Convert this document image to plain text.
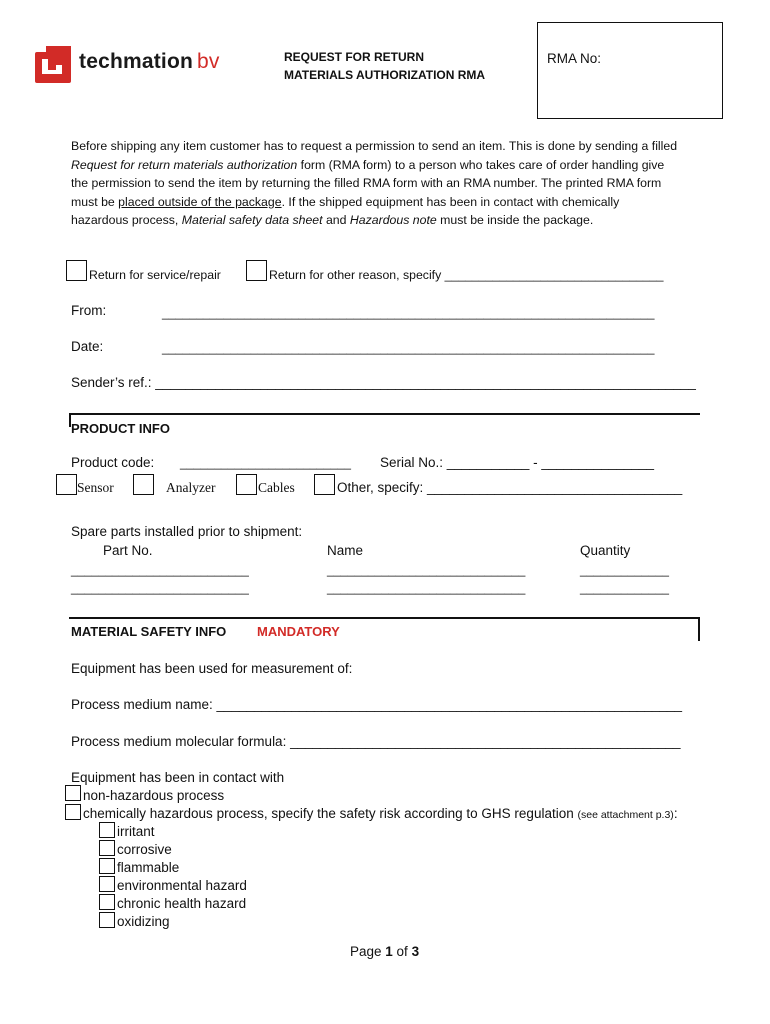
techmation bv	REQUEST FOR RETURN
MATERIALS AUTHORIZATION RMA
RMA No:
Before shipping any item customer has to request a permission to send an item. This is done by sending a filled
Request for return materials authorization form (RMA form) to a person who takes care of order handling give
the permission to send the item by returning the filled RMA form with an RMA number. The printed RMA form
must be placed outside of the package. If the shipped equipment has been in contact with chemically
hazardous process, Material safety data sheet and Hazardous note must be inside the package.
Return for service/repair	Return for other reason, specify ________________________________
From:	________________________________________________________________________
Date:	________________________________________________________________________
Sender’s ref.: ________________________________________________________________________
PRODUCT INFO
Product code: _________________________ Serial No.: ___________ - _______________
Sensor	Analyzer	Cables	Other, specify: __________________________________
Spare parts installed prior to shipment:
Part No.	Name	Quantity
__________________________	_____________________________	_____________
__________________________	_____________________________	_____________
MATERIAL SAFETY INFO MANDATORY
Equipment has been used for measurement of:
Process medium name: ______________________________________________________________
Process medium molecular formula: ____________________________________________________
Equipment has been in contact with
non-hazardous process
chemically hazardous process, specify the safety risk according to GHS regulation (see attachment p.3):
irritant
corrosive
flammable
environmental hazard
chronic health hazard
oxidizing
Page 1 of 3
